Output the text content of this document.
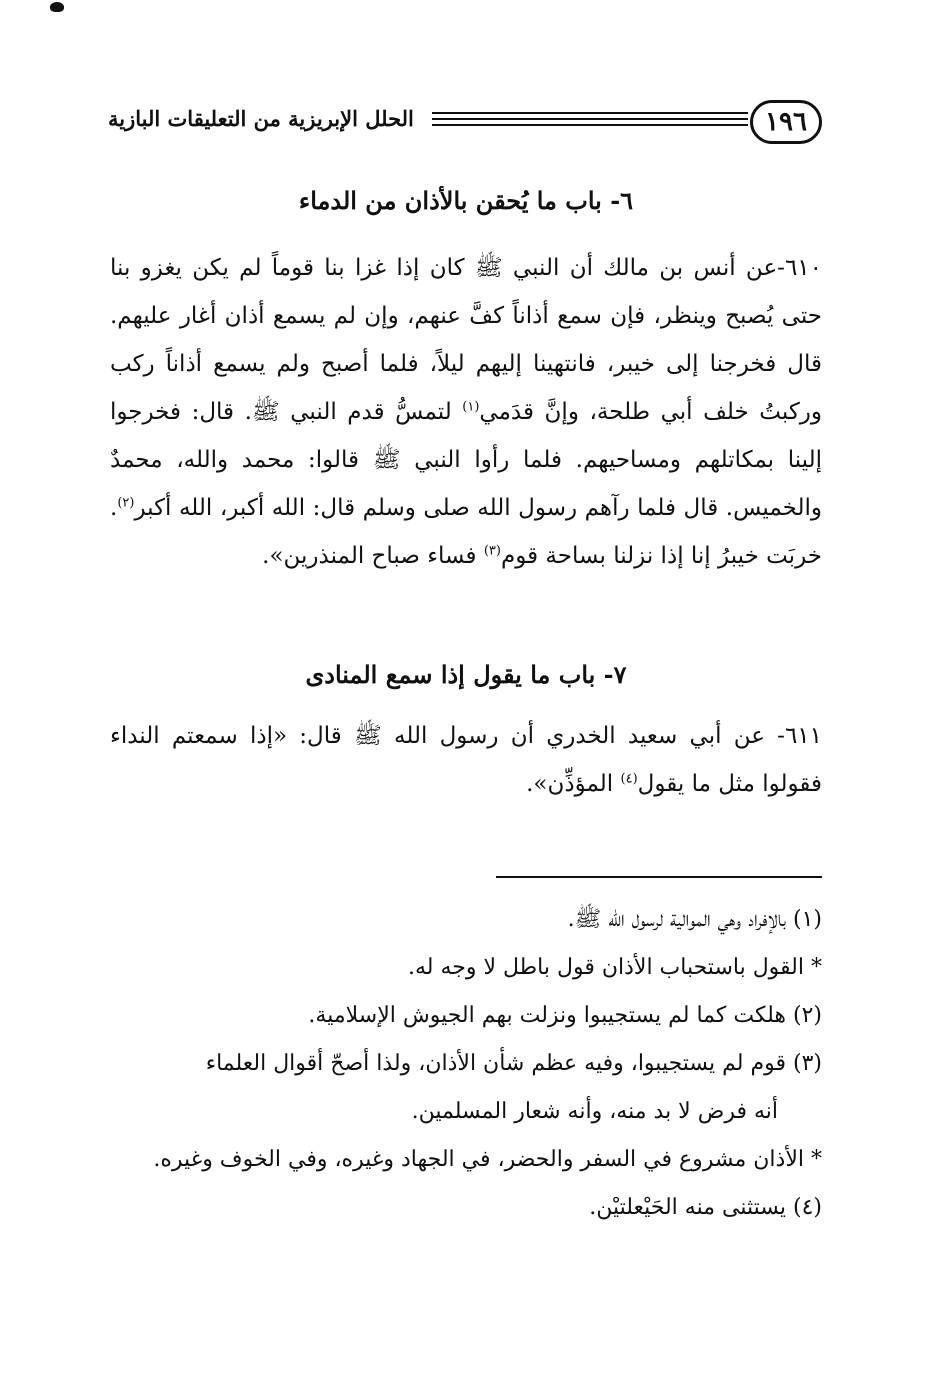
١٩٦
الحلل الإبريزية من التعليقات البازية
٦- باب ما يُحقن بالأذان من الدماء
٦١٠-عن أنس بن مالك أن النبي ﷺ كان إذا غزا بنا قوماً لم يكن يغزو بنا حتى يُصبح وينظر، فإن سمع أذاناً كفَّ عنهم، وإن لم يسمع أذان أغار عليهم. قال فخرجنا إلى خيبر، فانتهينا إليهم ليلاً، فلما أصبح ولم يسمع أذاناً ركب وركبتُ خلف أبي طلحة، وإنَّ قدَمي$^{(١)}$ لتمسُّ قدم النبي ﷺ. قال: فخرجوا إلينا بمكاتلهم ومساحيهم. فلما رأوا النبي ﷺ قالوا: محمد والله، محمدٌ والخميس. قال فلما رآهم رسول الله صلى وسلم قال: الله أكبر، الله أكبر$^{(٢)}$. خربَت خيبرُ إنا إذا نزلنا بساحة قوم$^{(٣)}$ فساء صباح المنذرين».
٧- باب ما يقول إذا سمع المنادى
٦١١- عن أبي سعيد الخدري أن رسول الله ﷺ قال: «إذا سمعتم النداء فقولوا مثل ما يقول$^{(٤)}$ المؤذِّن».

(١) بالإفراد وهي الموالية لرسول الله ﷺ.

* القول باستحباب الأذان قول باطل لا وجه له.

(٢) هلكت كما لم يستجيبوا ونزلت بهم الجيوش الإسلامية.

(٣) قوم لم يستجيبوا، وفيه عظم شأن الأذان، ولذا أصحّ أقوال العلماء

أنه فرض لا بد منه، وأنه شعار المسلمين.

* الأذان مشروع في السفر والحضر، في الجهاد وغيره، وفي الخوف وغيره.

(٤) يستثنى منه الحَيْعلتيْن.
